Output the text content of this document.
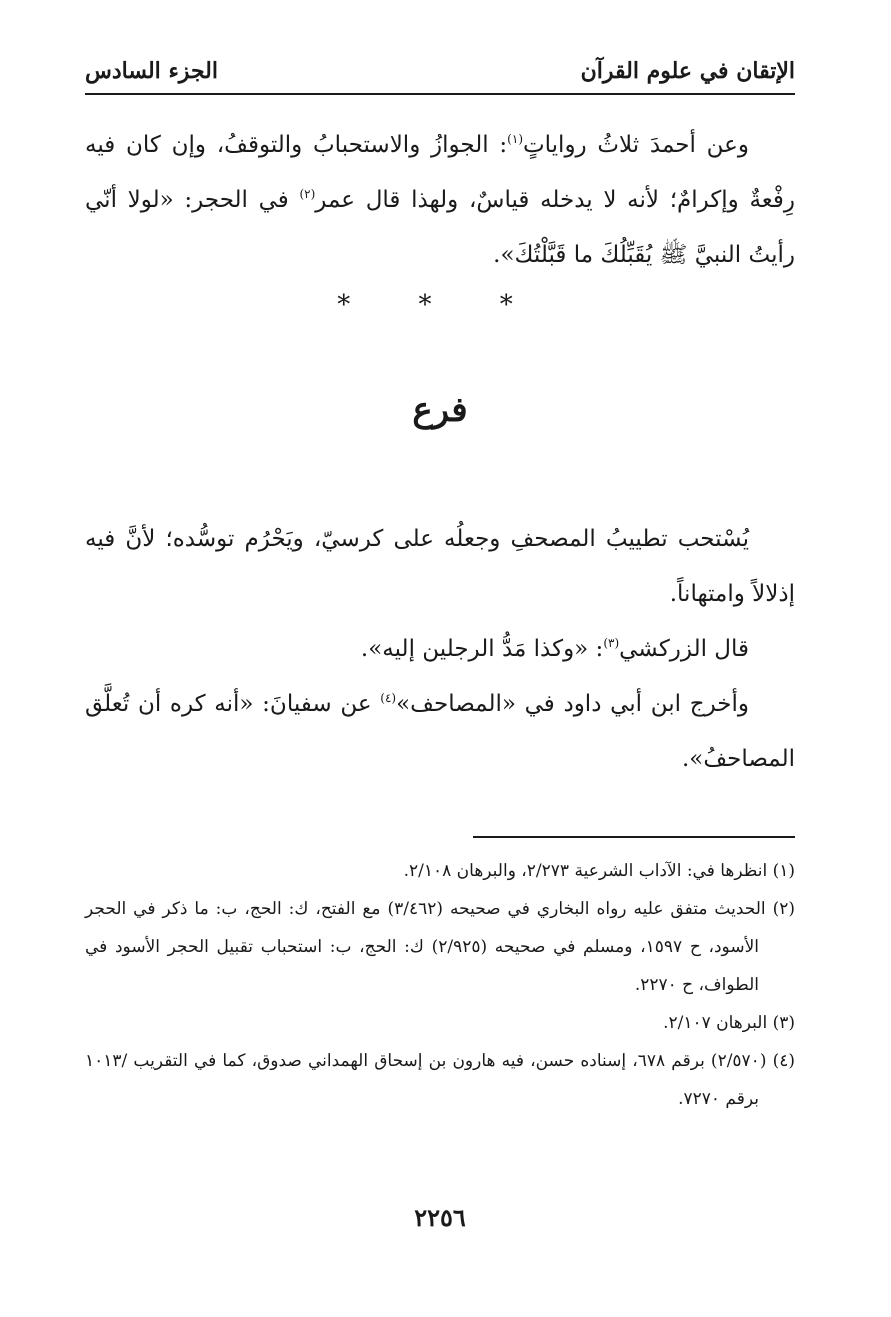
الإتقان في علوم القرآن
الجزء السادس

وعن أحمدَ ثلاثُ رواياتٍ$^{(١)}$: الجوازُ والاستحبابُ والتوقفُ، وإن كان فيه رِفْعةٌ وإكرامٌ؛ لأنه لا يدخله قياسٌ، ولهذا قال عمر$^{(٢)}$ في الحجر: «لولا أنّي رأيتُ النبيَّ ﷺ يُقَبِّلُكَ ما قَبَّلْتُكَ».

* * *
فرع

يُسْتحب تطييبُ المصحفِ وجعلُه على كرسيّ، ويَحْرُم توسُّده؛ لأنَّ فيه إذلالاً وامتهاناً.

قال الزركشي$^{(٣)}$: «وكذا مَدُّ الرجلين إليه».

وأخرج ابن أبي داود في «المصاحف»$^{(٤)}$ عن سفيانَ: «أنه كره أن تُعلَّق المصاحفُ».

(١) انظرها في: الآداب الشرعية ٢/٢٧٣، والبرهان ٢/١٠٨.

(٢) الحديث متفق عليه رواه البخاري في صحيحه (٣/٤٦٢) مع الفتح، ك: الحج، ب: ما ذكر في الحجر الأسود، ح ١٥٩٧، ومسلم في صحيحه (٢/٩٢٥) ك: الحج، ب: استحباب تقبيل الحجر الأسود في الطواف، ح ٢٢٧٠.

(٣) البرهان ٢/١٠٧.

(٤) (٢/٥٧٠) برقم ٦٧٨، إسناده حسن، فيه هارون بن إسحاق الهمداني صدوق، كما في التقريب /١٠١٣ برقم ٧٢٧٠.

٢٢٥٦
